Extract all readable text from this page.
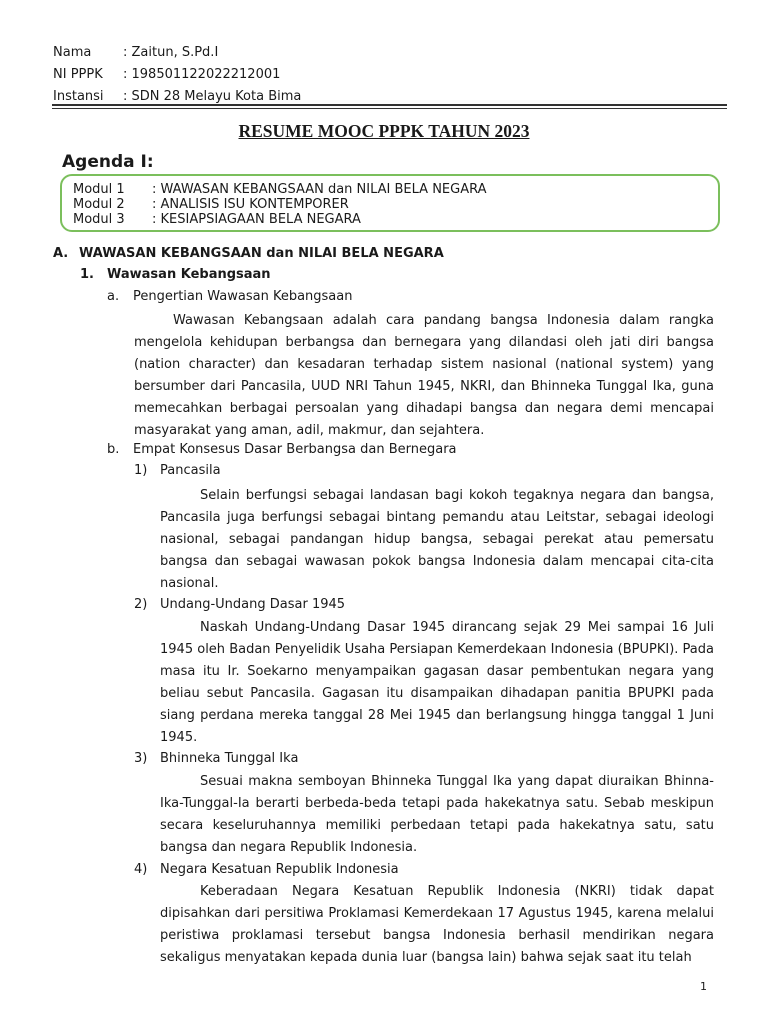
Nama	: Zaitun, S.Pd.I
NI PPPK	: 198501122022212001
Instansi	: SDN 28 Melayu Kota Bima
RESUME MOOC PPPK TAHUN 2023
Agenda I:
Modul 1	: WAWASAN KEBANGSAAN dan NILAI BELA NEGARA
Modul 2	: ANALISIS ISU KONTEMPORER
Modul 3	: KESIAPSIAGAAN BELA NEGARA
A. WAWASAN KEBANGSAAN dan NILAI BELA NEGARA
1. Wawasan Kebangsaan
a. Pengertian Wawasan Kebangsaan

Wawasan Kebangsaan adalah cara pandang bangsa Indonesia dalam rangka mengelola kehidupan berbangsa dan bernegara yang dilandasi oleh jati diri bangsa (nation character) dan kesadaran terhadap sistem nasional (national system) yang bersumber dari Pancasila, UUD NRI Tahun 1945, NKRI, dan Bhinneka Tunggal Ika, guna memecahkan berbagai persoalan yang dihadapi bangsa dan negara demi mencapai masyarakat yang aman, adil, makmur, dan sejahtera.

b. Empat Konsesus Dasar Berbangsa dan Bernegara
1) Pancasila

Selain berfungsi sebagai landasan bagi kokoh tegaknya negara dan bangsa, Pancasila juga berfungsi sebagai bintang pemandu atau Leitstar, sebagai ideologi nasional, sebagai pandangan hidup bangsa, sebagai perekat atau pemersatu bangsa dan sebagai wawasan pokok bangsa Indonesia dalam mencapai cita-cita nasional.

2) Undang-Undang Dasar 1945

Naskah Undang-Undang Dasar 1945 dirancang sejak 29 Mei sampai 16 Juli 1945 oleh Badan Penyelidik Usaha Persiapan Kemerdekaan Indonesia (BPUPKI). Pada masa itu Ir. Soekarno menyampaikan gagasan dasar pembentukan negara yang beliau sebut Pancasila. Gagasan itu disampaikan dihadapan panitia BPUPKI pada siang perdana mereka tanggal 28 Mei 1945 dan berlangsung hingga tanggal 1 Juni 1945.

3) Bhinneka Tunggal Ika

Sesuai makna semboyan Bhinneka Tunggal Ika yang dapat diuraikan Bhinna-Ika-Tunggal-Ia berarti berbeda-beda tetapi pada hakekatnya satu. Sebab meskipun secara keseluruhannya memiliki perbedaan tetapi pada hakekatnya satu, satu bangsa dan negara Republik Indonesia.

4) Negara Kesatuan Republik Indonesia

Keberadaan Negara Kesatuan Republik Indonesia (NKRI) tidak dapat dipisahkan dari persitiwa Proklamasi Kemerdekaan 17 Agustus 1945, karena melalui peristiwa proklamasi tersebut bangsa Indonesia berhasil mendirikan negara sekaligus menyatakan kepada dunia luar (bangsa lain) bahwa sejak saat itu telah

1
